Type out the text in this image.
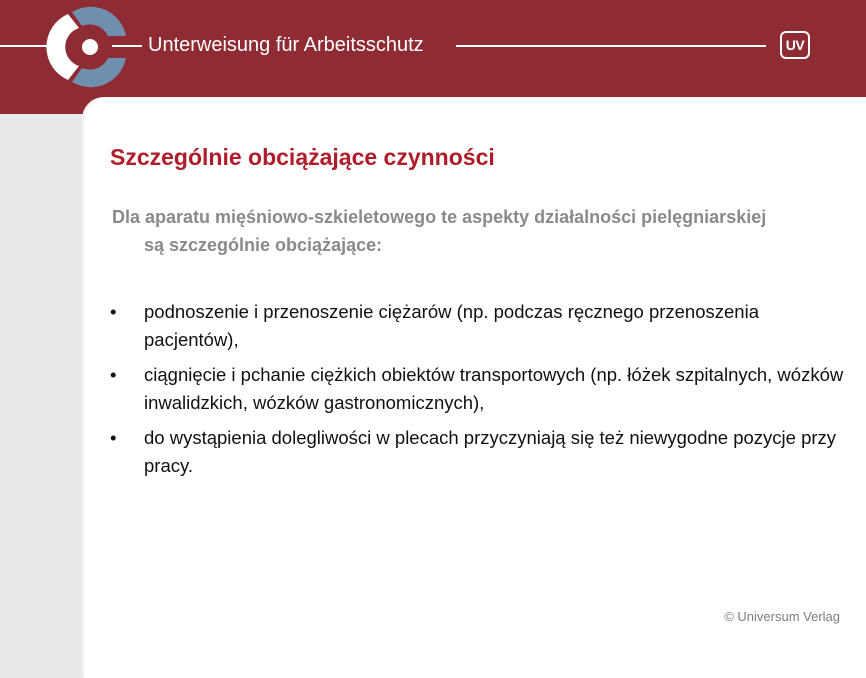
Unterweisung für Arbeitsschutz	UV
Szczególnie obciążające czynności

Dla aparatu mięśniowo-szkieletowego te aspekty działalności pielęgniarskiej są szczególnie obciążające:

• podnoszenie i przenoszenie ciężarów (np. podczas ręcznego przenoszenia pacjentów),
• ciągnięcie i pchanie ciężkich obiektów transportowych (np. łóżek szpitalnych, wózków inwalidzkich, wózków gastronomicznych),
• do wystąpienia dolegliwości w plecach przyczyniają się też niewygodne pozycje przy pracy.
© Universum Verlag
